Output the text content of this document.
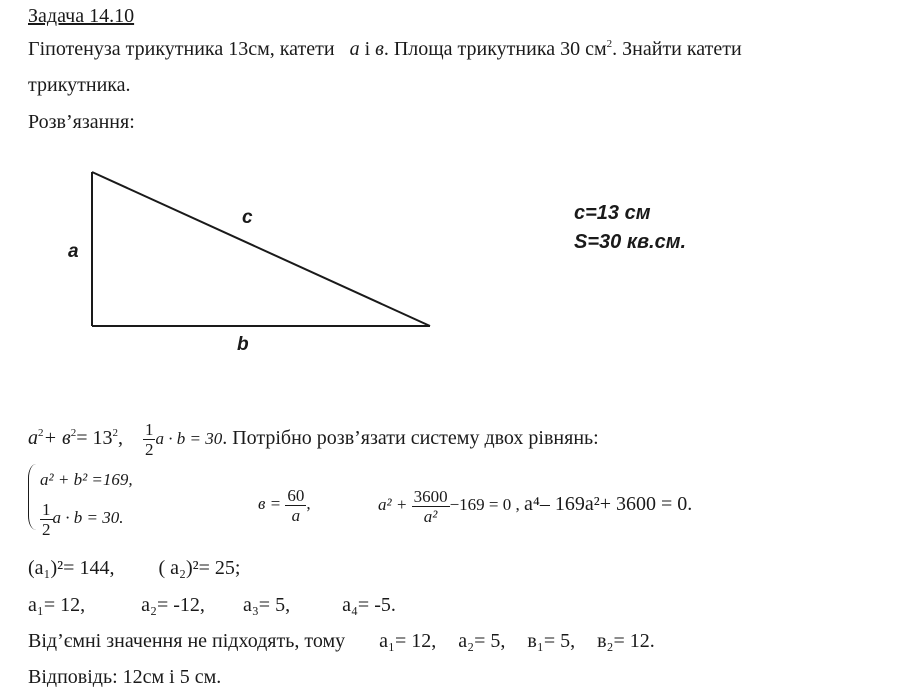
Задача 14.10
Гіпотенуза трикутника 13см, катети a і в. Площа трикутника 30 $см^2$. Знайти катети
трикутника.
Розв’язання:
a
b
c	c=13 см
S=30 кв.см.
$a^2+ в^2= 13^2$, $\frac{1}{2}$ a · b = 30. Потрібно розв’язати систему двох рівнянь:
a² + b² =169,
$\frac{1}{2}$ a · b = 30.
$в = \frac{60}{a}$ ,	$a^2 + \frac{3600}{\text{a²}} -169 = 0$ , a⁴– 169a²+ 3600 = 0.
(a₁)²= 144, ( a₂)²= 25;
a₁= 12,	a₂= -12, a₃= 5,	a₄= -5.
Від’ємні значення не підходять, тому a₁= 12, a₂= 5, в₁= 5, в₂= 12.
Відповідь: 12см і 5 см.
